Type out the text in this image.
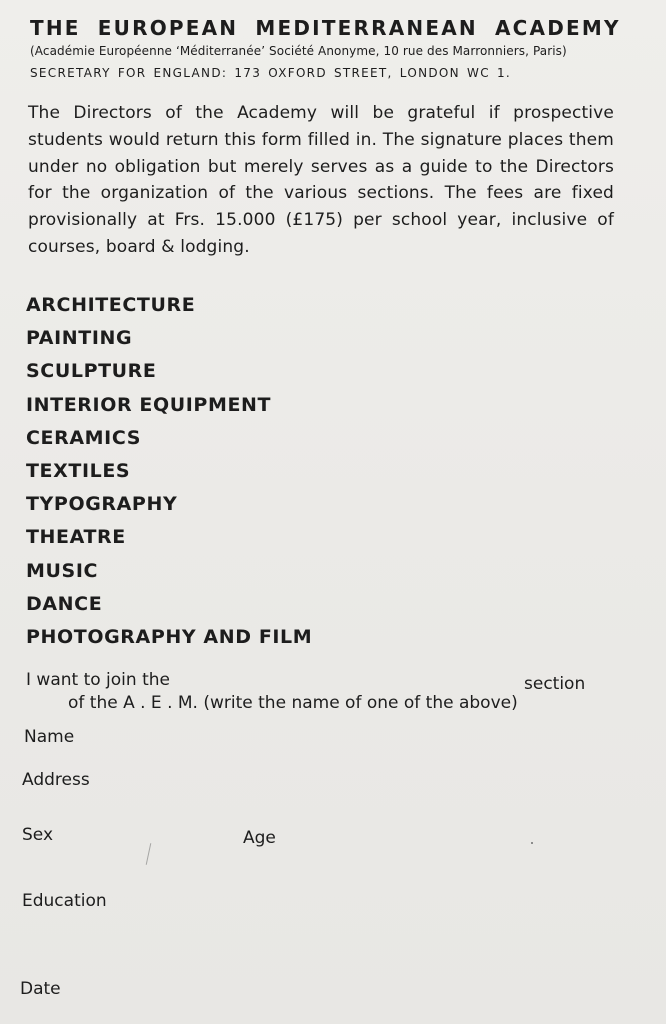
THE EUROPEAN MEDITERRANEAN ACADEMY
(Académie Européenne ‘Méditerranée’ Société Anonyme, 10 rue des Marronniers, Paris)
SECRETARY FOR ENGLAND: 173 OXFORD STREET, LONDON WC 1.
The Directors of the Academy will be grateful if prospective students would return this form filled in. The signature places them under no obligation but merely serves as a guide to the Directors for the organization of the various sections. The fees are fixed provisionally at Frs. 15.000 (£175) per school year, inclusive of courses, board & lodging.
ARCHITECTURE
PAINTING
SCULPTURE
INTERIOR EQUIPMENT
CERAMICS
TEXTILES
TYPOGRAPHY
THEATRE
MUSIC
DANCE
PHOTOGRAPHY AND FILM
I want to join the	section
of the A . E . M. (write the name of one of the above)
Name
Address
Sex	Age
Education
Date
